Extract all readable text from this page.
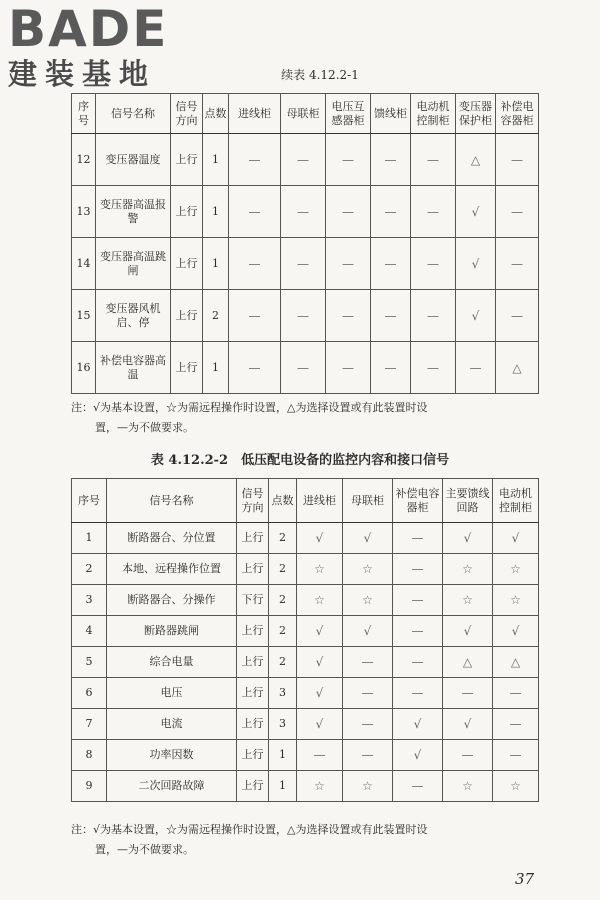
BADE
建装基地	续表 4.12.2-1
序号	信号名称	信号方向	点数	进线柜	母联柜	电压互感器柜	馈线柜	电动机控制柜	变压器保护柜	补偿电容器柜
12	变压器温度	上行	1	—	—	—	—	—	△	—
13	变压器高温报警	上行	1	—	—	—	—	—	√	—
14	变压器高温跳闸	上行	1	—	—	—	—	—	√	—
15	变压器风机启、停	上行	2	—	—	—	—	—	√	—
16	补偿电容器高温	上行	1	—	—	—	—	—	—	△
注：√为基本设置，☆为需远程操作时设置，△为选择设置或有此装置时设
置，—为不做要求。
表 4.12.2-2　低压配电设备的监控内容和接口信号
序号	信号名称	信号方向	点数	进线柜	母联柜	补偿电容器柜	主要馈线回路	电动机控制柜
1	断路器合、分位置	上行	2	√	√	—	√	√
2	本地、远程操作位置	上行	2	☆	☆	—	☆	☆
3	断路器合、分操作	下行	2	☆	☆	—	☆	☆
4	断路器跳闸	上行	2	√	√	—	√	√
5	综合电量	上行	2	√	—	—	△	△
6	电压	上行	3	√	—	—	—	—
7	电流	上行	3	√	—	√	√	—
8	功率因数	上行	1	—	—	√	—	—
9	二次回路故障	上行	1	☆	☆	—	☆	☆
注：√为基本设置，☆为需远程操作时设置，△为选择设置或有此装置时设
置，—为不做要求。
37
